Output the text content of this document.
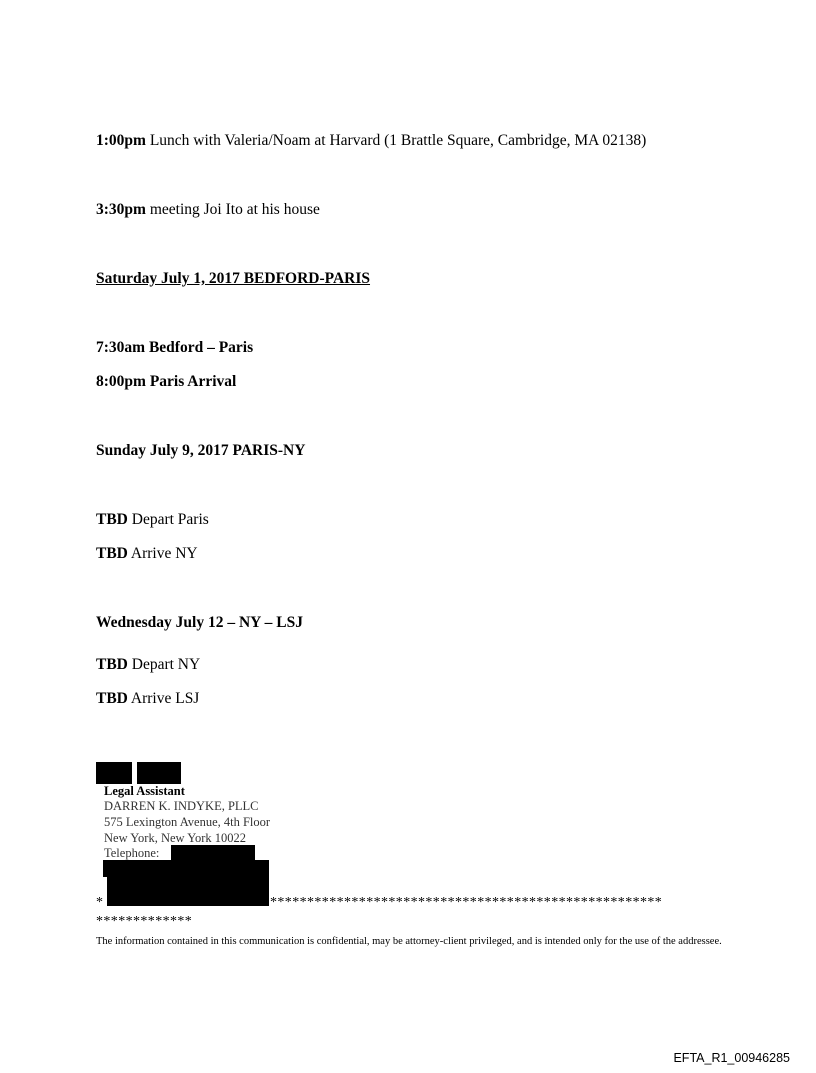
1:00pm Lunch with Valeria/Noam at Harvard (1 Brattle Square, Cambridge, MA 02138)
3:30pm meeting Joi Ito at his house
Saturday July 1, 2017 BEDFORD-PARIS
7:30am Bedford – Paris
8:00pm Paris Arrival
Sunday July 9, 2017 PARIS-NY
TBD Depart Paris
TBD Arrive NY
Wednesday July 12 – NY – LSJ
TBD Depart NY
TBD Arrive LSJ
Legal Assistant
DARREN K. INDYKE, PLLC
575 Lexington Avenue, 4th Floor
New York, New York 10022
Telephone:
*	*****************************************************
*************
The information contained in this communication is confidential, may be attorney-client privileged, and is intended only for the use of the addressee.
EFTA_R1_00946285
